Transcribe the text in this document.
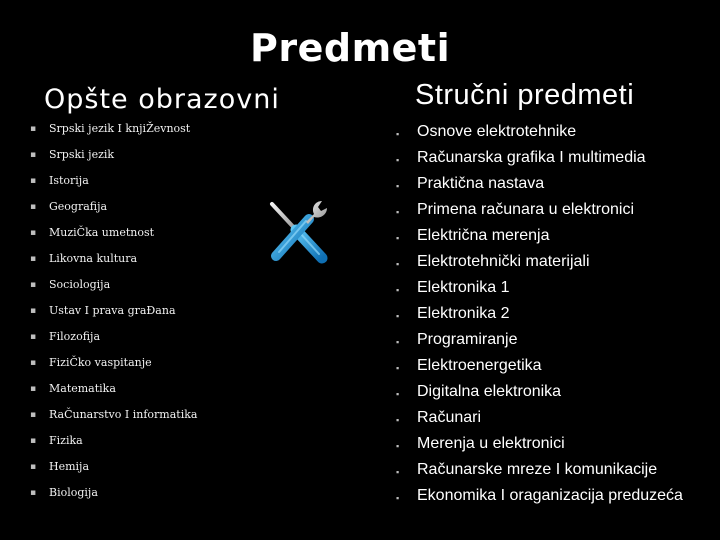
Predmeti
Opšte obrazovni	Stručni predmeti
▪ Srpski jezik I knjiŽevnost
▪ Srpski jezik
▪ Istorija
▪ Geografija
▪ MuziČka umetnost
▪ Likovna kultura
▪ Sociologija
▪ Ustav I prava graĐana
▪ Filozofija
▪ FiziČko vaspitanje
▪ Matematika
▪ RaČunarstvo I informatika
▪ Fizika
▪ Hemija
▪ Biologija
▪ Osnove elektrotehnike
▪ Računarska grafika I multimedia
▪ Praktična nastava
▪ Primena računara u elektronici
▪ Električna merenja
▪ Elektrotehnički materijali
▪ Elektronika 1
▪ Elektronika 2
▪ Programiranje
▪ Elektroenergetika
▪ Digitalna elektronika
▪ Računari
▪ Merenja u elektronici
▪ Računarske mreze I komunikacije
▪ Ekonomika I oraganizacija preduzeća
